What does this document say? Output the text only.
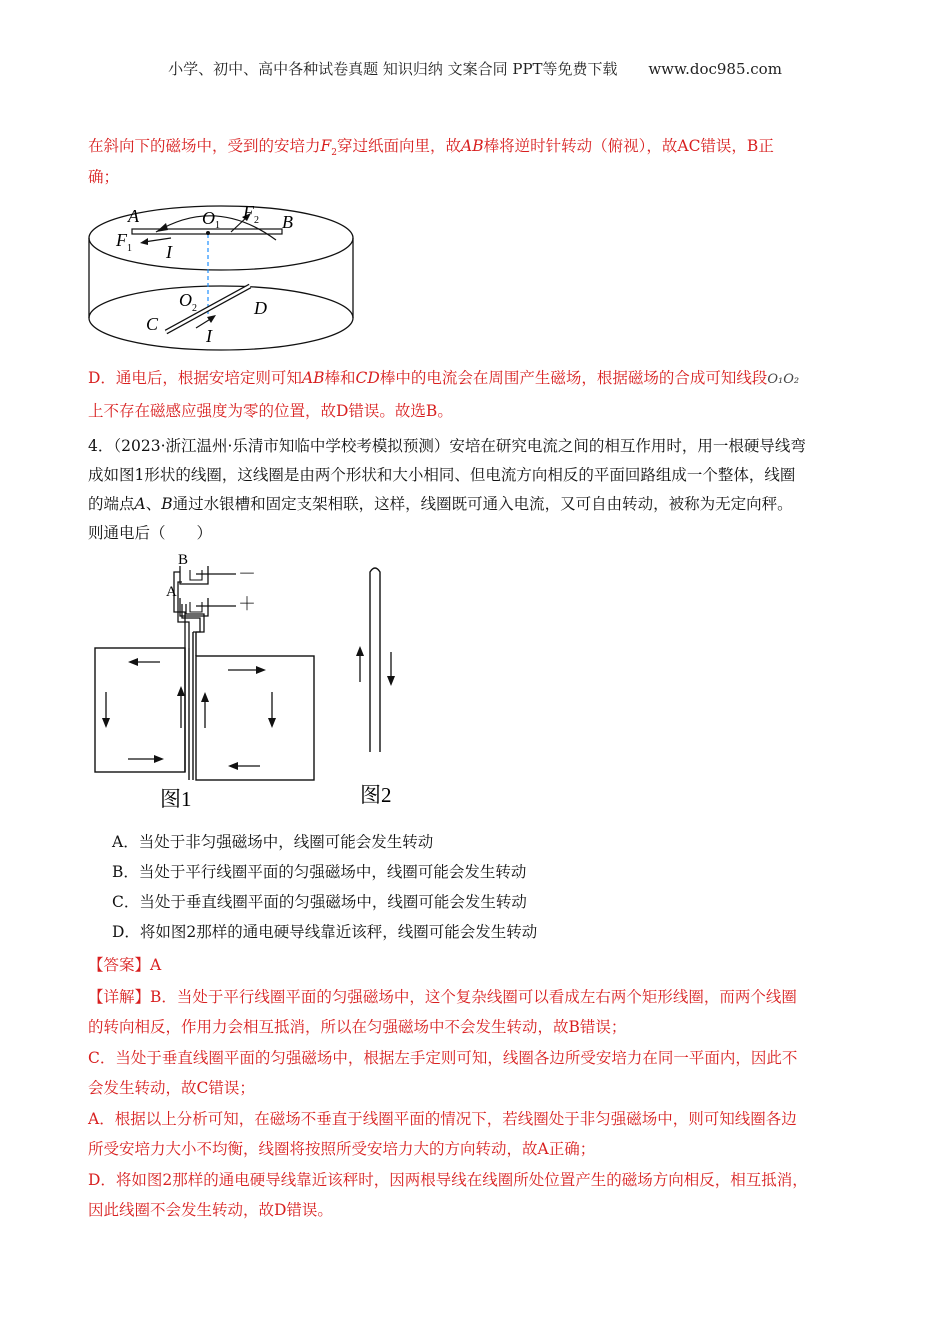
小学、初中、高中各种试卷真题 知识归纳 文案合同 PPT等免费下载 www.doc985.com
在斜向下的磁场中，受到的安培力$F_2$穿过纸面向里，故AB棒将逆时针转动（俯视），故AC错误，B正
确；
A	O 1
F 2 B
F 1 I
O 2	D
C
I
D．通电后，根据安培定则可知AB棒和CD棒中的电流会在周围产生磁场，根据磁场的合成可知线段O₁O₂
上不存在磁感应强度为零的位置，故D错误。故选B。
4．（2023·浙江温州·乐清市知临中学校考模拟预测）安培在研究电流之间的相互作用时，用一根硬导线弯
成如图1形状的线圈，这线圈是由两个形状和大小相同、但电流方向相反的平面回路组成一个整体，线圈
的端点A、B通过水银槽和固定支架相联，这样，线圈既可通入电流，又可自由转动，被称为无定向秤。
则通电后（　　）
B
A
－
＋
图1	图2
A．当处于非匀强磁场中，线圈可能会发生转动
B．当处于平行线圈平面的匀强磁场中，线圈可能会发生转动
C．当处于垂直线圈平面的匀强磁场中，线圈可能会发生转动
D．将如图2那样的通电硬导线靠近该秤，线圈可能会发生转动
【答案】A
【详解】B．当处于平行线圈平面的匀强磁场中，这个复杂线圈可以看成左右两个矩形线圈，而两个线圈
的转向相反，作用力会相互抵消，所以在匀强磁场中不会发生转动，故B错误；
C．当处于垂直线圈平面的匀强磁场中，根据左手定则可知，线圈各边所受安培力在同一平面内，因此不
会发生转动，故C错误；
A．根据以上分析可知，在磁场不垂直于线圈平面的情况下，若线圈处于非匀强磁场中，则可知线圈各边
所受安培力大小不均衡，线圈将按照所受安培力大的方向转动，故A正确；
D．将如图2那样的通电硬导线靠近该秤时，因两根导线在线圈所处位置产生的磁场方向相反，相互抵消，
因此线圈不会发生转动，故D错误。
